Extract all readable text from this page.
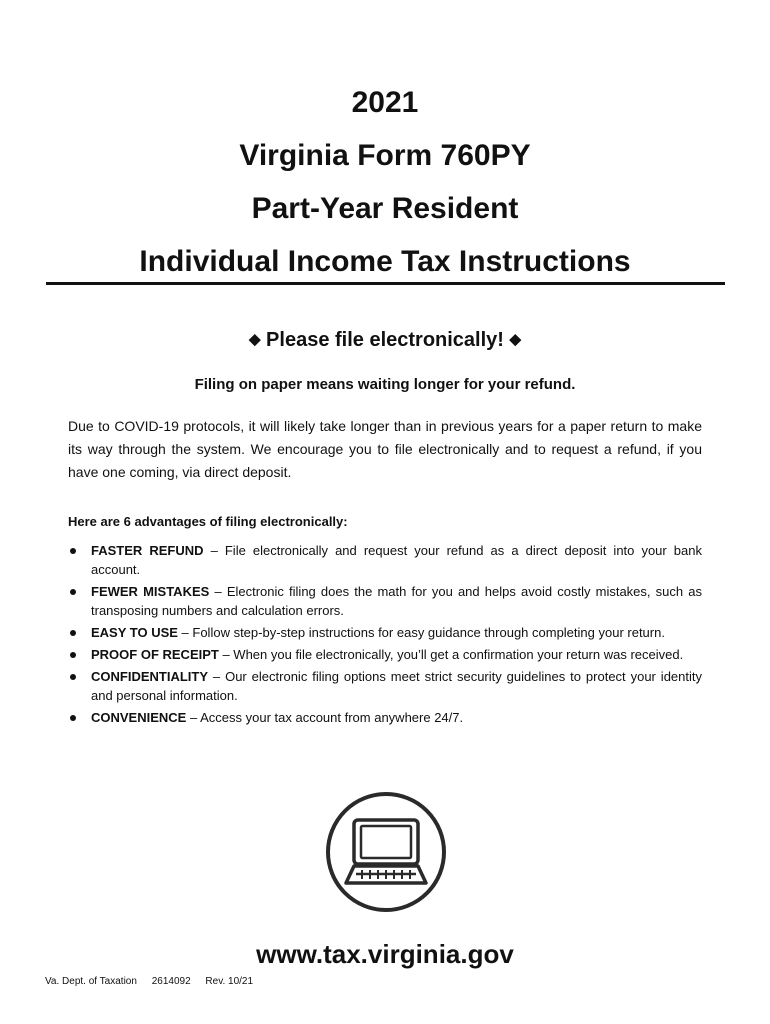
2021
Virginia Form 760PY
Part-Year Resident
Individual Income Tax Instructions
◆ Please file electronically! ◆
Filing on paper means waiting longer for your refund.
Due to COVID-19 protocols, it will likely take longer than in previous years for a paper return to make its way through the system. We encourage you to file electronically and to request a refund, if you have one coming, via direct deposit.
Here are 6 advantages of filing electronically:
FASTER REFUND – File electronically and request your refund as a direct deposit into your bank account.
FEWER MISTAKES – Electronic filing does the math for you and helps avoid costly mistakes, such as transposing numbers and calculation errors.
EASY TO USE – Follow step-by-step instructions for easy guidance through completing your return.
PROOF OF RECEIPT – When you file electronically, you’ll get a confirmation your return was received.
CONFIDENTIALITY – Our electronic filing options meet strict security guidelines to protect your identity and personal information.
CONVENIENCE – Access your tax account from anywhere 24/7.
www.tax.virginia.gov
Va. Dept. of Taxation 2614092 Rev. 10/21
